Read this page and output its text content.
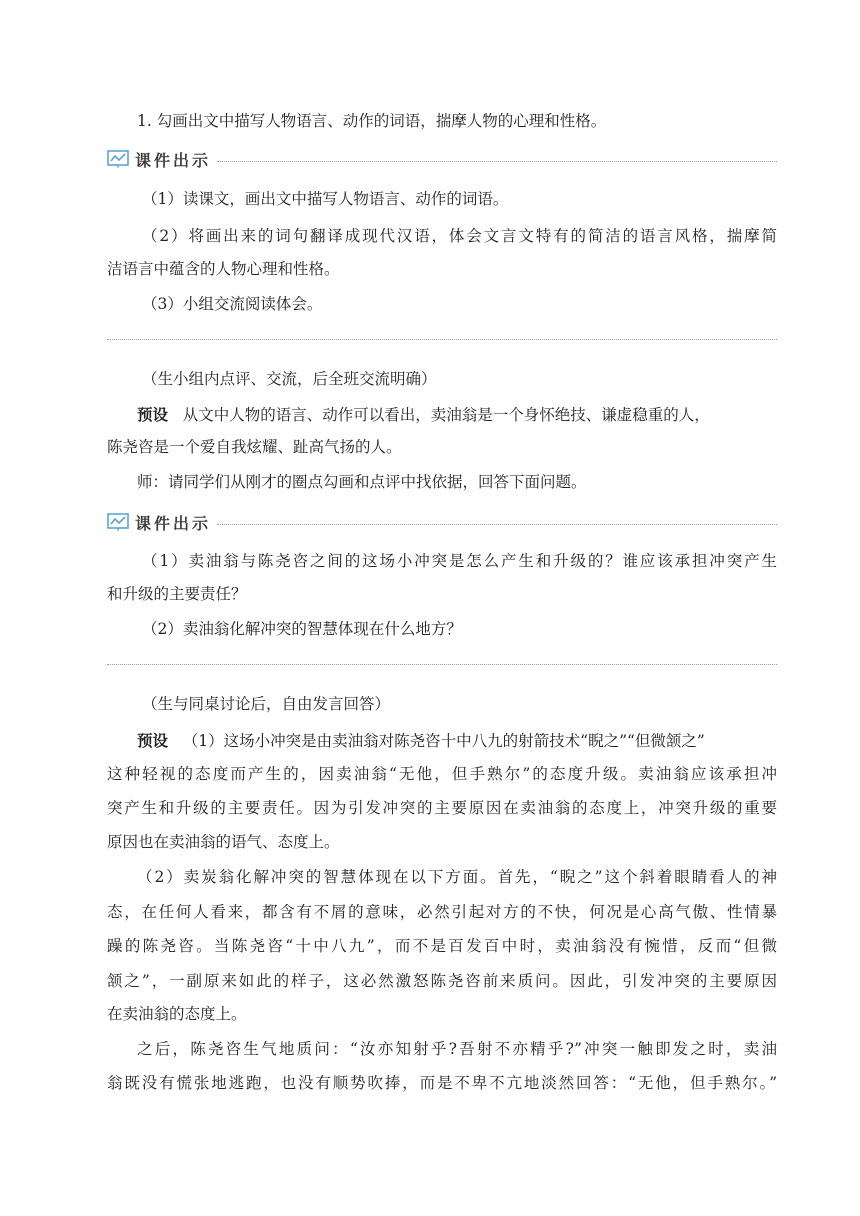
1. 勾画出文中描写人物语言、动作的词语，揣摩人物的心理和性格。
课件出示
（1）读课文，画出文中描写人物语言、动作的词语。
（2）将画出来的词句翻译成现代汉语，体会文言文特有的简洁的语言风格，揣摩简
洁语言中蕴含的人物心理和性格。
（3）小组交流阅读体会。
（生小组内点评、交流，后全班交流明确）
预设 从文中人物的语言、动作可以看出，卖油翁是一个身怀绝技、谦虚稳重的人，
陈尧咨是一个爱自我炫耀、趾高气扬的人。
师：请同学们从刚才的圈点勾画和点评中找依据，回答下面问题。
课件出示
（1）卖油翁与陈尧咨之间的这场小冲突是怎么产生和升级的？谁应该承担冲突产生
和升级的主要责任？
（2）卖油翁化解冲突的智慧体现在什么地方？
（生与同桌讨论后，自由发言回答）
预设 （1）这场小冲突是由卖油翁对陈尧咨十中八九的射箭技术“睨之”“但微颔之”
这种轻视的态度而产生的，因卖油翁“无他，但手熟尔”的态度升级。卖油翁应该承担冲
突产生和升级的主要责任。因为引发冲突的主要原因在卖油翁的态度上，冲突升级的重要
原因也在卖油翁的语气、态度上。
（2）卖炭翁化解冲突的智慧体现在以下方面。首先，“睨之”这个斜着眼睛看人的神
态，在任何人看来，都含有不屑的意味，必然引起对方的不快，何况是心高气傲、性情暴
躁的陈尧咨。当陈尧咨“十中八九”，而不是百发百中时，卖油翁没有惋惜，反而“但微
颔之”，一副原来如此的样子，这必然激怒陈尧咨前来质问。因此，引发冲突的主要原因
在卖油翁的态度上。
之后，陈尧咨生气地质问：“汝亦知射乎?吾射不亦精乎?”冲突一触即发之时，卖油
翁既没有慌张地逃跑，也没有顺势吹捧，而是不卑不亢地淡然回答：“无他，但手熟尔。”
